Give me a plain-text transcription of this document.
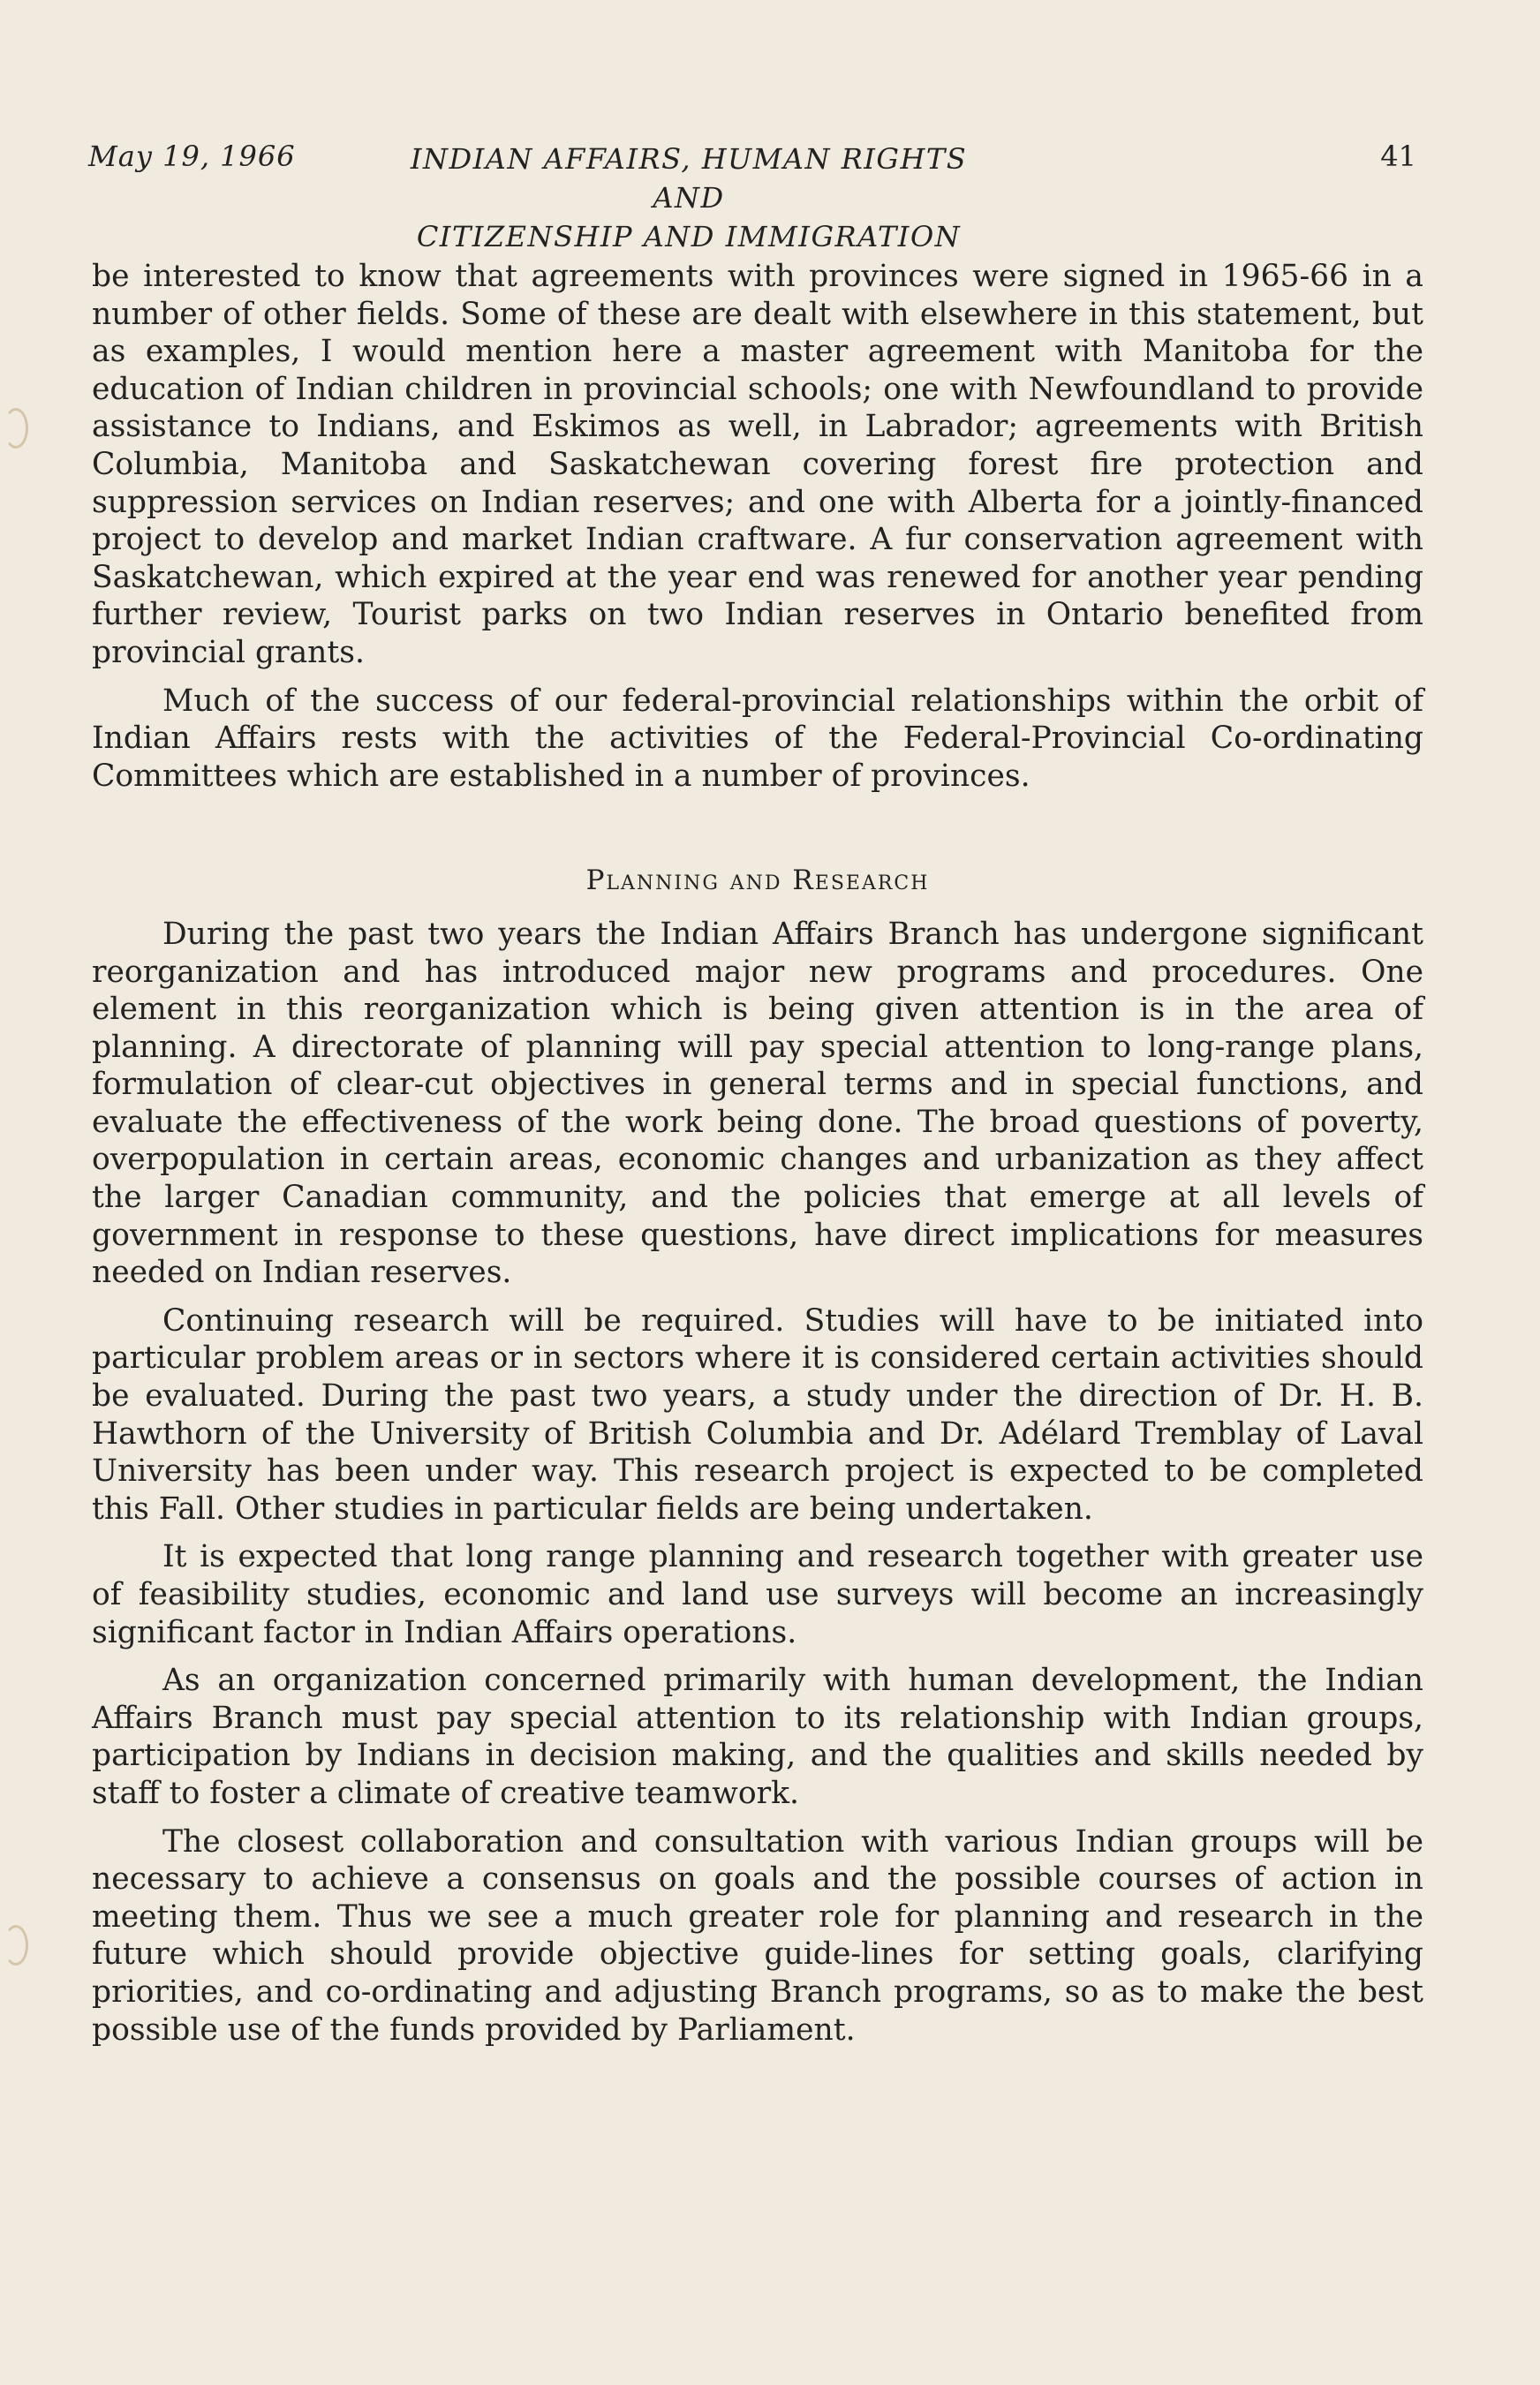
May 19, 1966	INDIAN AFFAIRS, HUMAN RIGHTS AND
CITIZENSHIP AND IMMIGRATION
41

be interested to know that agreements with provinces were signed in 1965-66 in a number of other fields. Some of these are dealt with elsewhere in this statement, but as examples, I would mention here a master agreement with Manitoba for the education of Indian children in provincial schools; one with Newfoundland to provide assistance to Indians, and Eskimos as well, in Labrador; agreements with British Columbia, Manitoba and Saskatchewan covering forest fire protection and suppression services on Indian reserves; and one with Alberta for a jointly-financed project to develop and market Indian craftware. A fur conservation agreement with Saskatchewan, which expired at the year end was renewed for another year pending further review, Tourist parks on two Indian reserves in Ontario benefited from provincial grants.

Much of the success of our federal-provincial relationships within the orbit of Indian Affairs rests with the activities of the Federal-Provincial Co-ordinating Committees which are established in a number of provinces.

Planning and Research

During the past two years the Indian Affairs Branch has undergone significant reorganization and has introduced major new programs and procedures. One element in this reorganization which is being given attention is in the area of planning. A directorate of planning will pay special attention to long-range plans, formulation of clear-cut objectives in general terms and in special functions, and evaluate the effectiveness of the work being done. The broad questions of poverty, overpopulation in certain areas, economic changes and urbanization as they affect the larger Canadian community, and the policies that emerge at all levels of government in response to these questions, have direct implications for measures needed on Indian reserves.

Continuing research will be required. Studies will have to be initiated into particular problem areas or in sectors where it is considered certain activities should be evaluated. During the past two years, a study under the direction of Dr. H. B. Hawthorn of the University of British Columbia and Dr. Adélard Tremblay of Laval University has been under way. This research project is expected to be completed this Fall. Other studies in particular fields are being undertaken.

It is expected that long range planning and research together with greater use of feasibility studies, economic and land use surveys will become an increasingly significant factor in Indian Affairs operations.

As an organization concerned primarily with human development, the Indian Affairs Branch must pay special attention to its relationship with Indian groups, participation by Indians in decision making, and the qualities and skills needed by staff to foster a climate of creative teamwork.

The closest collaboration and consultation with various Indian groups will be necessary to achieve a consensus on goals and the possible courses of action in meeting them. Thus we see a much greater role for planning and research in the future which should provide objective guide-lines for setting goals, clarifying priorities, and co-ordinating and adjusting Branch programs, so as to make the best possible use of the funds provided by Parliament.
